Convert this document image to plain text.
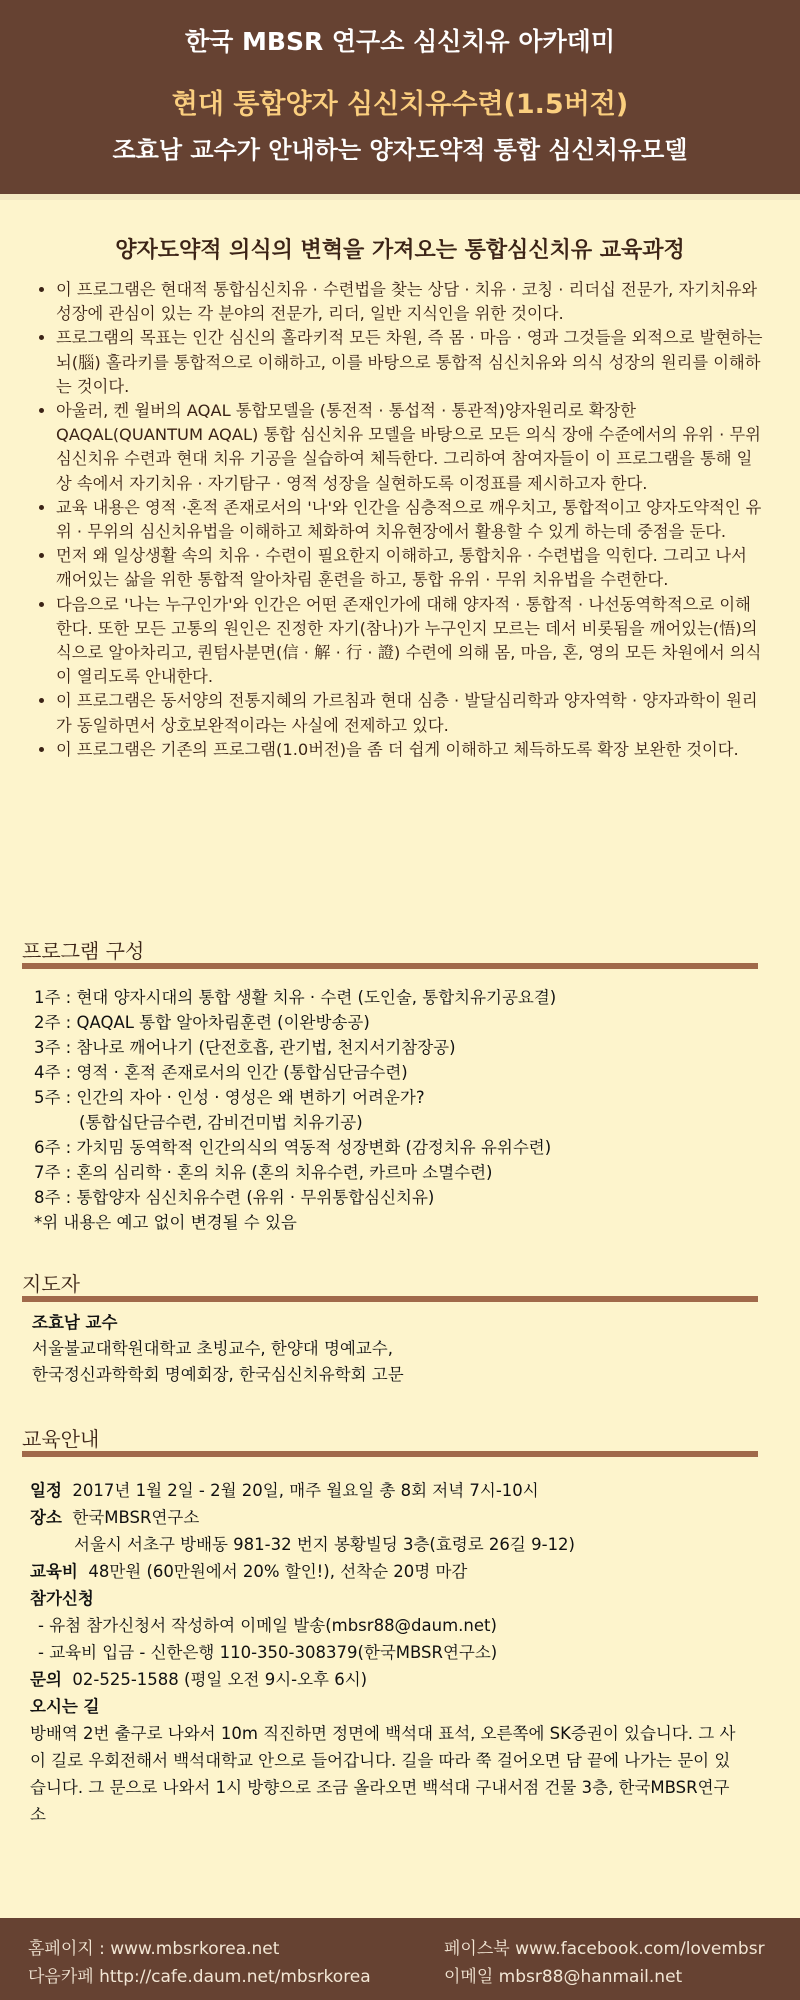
한국 MBSR 연구소 심신치유 아카데미
현대 통합양자 심신치유수련(1.5버전)
조효남 교수가 안내하는 양자도약적 통합 심신치유모델
양자도약적 의식의 변혁을 가져오는 통합심신치유 교육과정
• 이 프로그램은 현대적 통합심신치유 · 수련법을 찾는 상담 · 치유 · 코칭 · 리더십 전문가, 자기치유와 성장에 관심이 있는 각 분야의 전문가, 리더, 일반 지식인을 위한 것이다.
• 프로그램의 목표는 인간 심신의 홀라키적 모든 차원, 즉 몸 · 마음 · 영과 그것들을 외적으로 발현하는 뇌(腦) 홀라키를 통합적으로 이해하고, 이를 바탕으로 통합적 심신치유와 의식 성장의 원리를 이해하는 것이다.
• 아울러, 켄 윌버의 AQAL 통합모델을 (통전적 · 통섭적 · 통관적)양자원리로 확장한 QAQAL(QUANTUM AQAL) 통합 심신치유 모델을 바탕으로 모든 의식 장애 수준에서의 유위 · 무위 심신치유 수련과 현대 치유 기공을 실습하여 체득한다. 그리하여 참여자들이 이 프로그램을 통해 일상 속에서 자기치유 · 자기탐구 · 영적 성장을 실현하도록 이정표를 제시하고자 한다.
• 교육 내용은 영적 ·혼적 존재로서의 '나'와 인간을 심층적으로 깨우치고, 통합적이고 양자도약적인 유위 · 무위의 심신치유법을 이해하고 체화하여 치유현장에서 활용할 수 있게 하는데 중점을 둔다.
• 먼저 왜 일상생활 속의 치유 · 수련이 필요한지 이해하고, 통합치유 · 수련법을 익힌다. 그리고 나서 깨어있는 삶을 위한 통합적 알아차림 훈련을 하고, 통합 유위 · 무위 치유법을 수련한다.
• 다음으로 '나는 누구인가'와 인간은 어떤 존재인가에 대해 양자적 · 통합적 · 나선동역학적으로 이해한다. 또한 모든 고통의 원인은 진정한 자기(참나)가 누구인지 모르는 데서 비롯됨을 깨어있는(悟)의식으로 알아차리고, 퀀텀사분면(信 · 解 · 行 · 證) 수련에 의해 몸, 마음, 혼, 영의 모든 차원에서 의식이 열리도록 안내한다.
• 이 프로그램은 동서양의 전통지혜의 가르침과 현대 심층 · 발달심리학과 양자역학 · 양자과학이 원리가 동일하면서 상호보완적이라는 사실에 전제하고 있다.
• 이 프로그램은 기존의 프로그램(1.0버전)을 좀 더 쉽게 이해하고 체득하도록 확장 보완한 것이다.
프로그램 구성
1주 : 현대 양자시대의 통합 생활 치유 · 수련 (도인술, 통합치유기공요결)
2주 : QAQAL 통합 알아차림훈련 (이완방송공)
3주 : 참나로 깨어나기 (단전호흡, 관기법, 천지서기참장공)
4주 : 영적 · 혼적 존재로서의 인간 (통합심단금수련)
5주 : 인간의 자아 · 인성 · 영성은 왜 변하기 어려운가?
(통합십단금수련, 감비건미법 치유기공)
6주 : 가치밈 동역학적 인간의식의 역동적 성장변화 (감정치유 유위수련)
7주 : 혼의 심리학 · 혼의 치유 (혼의 치유수련, 카르마 소멸수련)
8주 : 통합양자 심신치유수련 (유위 · 무위통합심신치유)
*위 내용은 예고 없이 변경될 수 있음
지도자
조효남 교수
서울불교대학원대학교 초빙교수, 한양대 명예교수,
한국정신과학학회 명예회장, 한국심신치유학회 고문
교육안내
일정 2017년 1월 2일 - 2월 20일, 매주 월요일 총 8회 저녁 7시-10시
장소 한국MBSR연구소
서울시 서초구 방배동 981-32 번지 봉황빌딩 3층(효령로 26길 9-12)
교육비 48만원 (60만원에서 20% 할인!), 선착순 20명 마감
참가신청
- 유첨 참가신청서 작성하여 이메일 발송(mbsr88@daum.net)
- 교육비 입금 - 신한은행 110-350-308379(한국MBSR연구소)
문의 02-525-1588 (평일 오전 9시-오후 6시)
오시는 길
방배역 2번 출구로 나와서 10m 직진하면 정면에 백석대 표석, 오른쪽에 SK증권이 있습니다. 그 사이 길로 우회전해서 백석대학교 안으로 들어갑니다. 길을 따라 쭉 걸어오면 담 끝에 나가는 문이 있습니다. 그 문으로 나와서 1시 방향으로 조금 올라오면 백석대 구내서점 건물 3층, 한국MBSR연구소
홈페이지 : www.mbsrkorea.net
다음카페 http://cafe.daum.net/mbsrkorea
페이스북 www.facebook.com/lovembsr
이메일 mbsr88@hanmail.net
